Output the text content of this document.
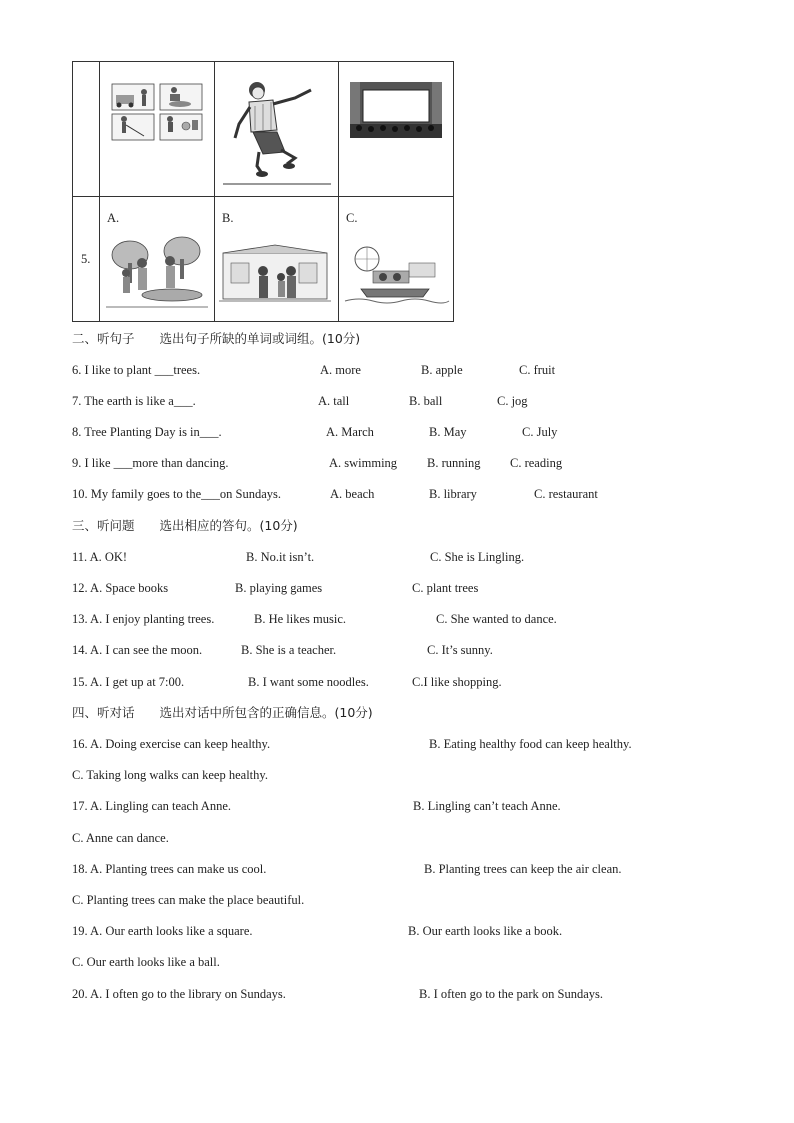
5.	A.	B.	C.
二、听句子　　选出句子所缺的单词或词组。(10分)
6. I like to plant ___trees.	A. more	B. apple	C. fruit
7. The earth is like a___.	A. tall	B. ball	C. jog
8. Tree Planting Day is in___.	A. March	B. May	C. July
9. I like ___more than dancing.	A. swimming B. running C. reading
10. My family goes to the___on Sundays.	A. beach	B. library	C. restaurant
三、听问题　　选出相应的答句。(10分)
11. A. OK!	B. No.it isn’t.	C. She is Lingling.
12. A. Space books	B. playing games	C. plant trees
13. A. I enjoy planting trees.	B. He likes music.	C. She wanted to dance.
14. A. I can see the moon.	B. She is a teacher.	C. It’s sunny.
15. A. I get up at 7:00.	B. I want some noodles.	C.I like shopping.
四、听对话　　选出对话中所包含的正确信息。(10分)
16. A. Doing exercise can keep healthy.	B. Eating healthy food can keep healthy.
C. Taking long walks can keep healthy.
17. A. Lingling can teach Anne.	B. Lingling can’t teach Anne.
C. Anne can dance.
18. A. Planting trees can make us cool.	B. Planting trees can keep the air clean.
C. Planting trees can make the place beautiful.
19. A. Our earth looks like a square.	B. Our earth looks like a book.
C. Our earth looks like a ball.
20. A. I often go to the library on Sundays.	B. I often go to the park on Sundays.
